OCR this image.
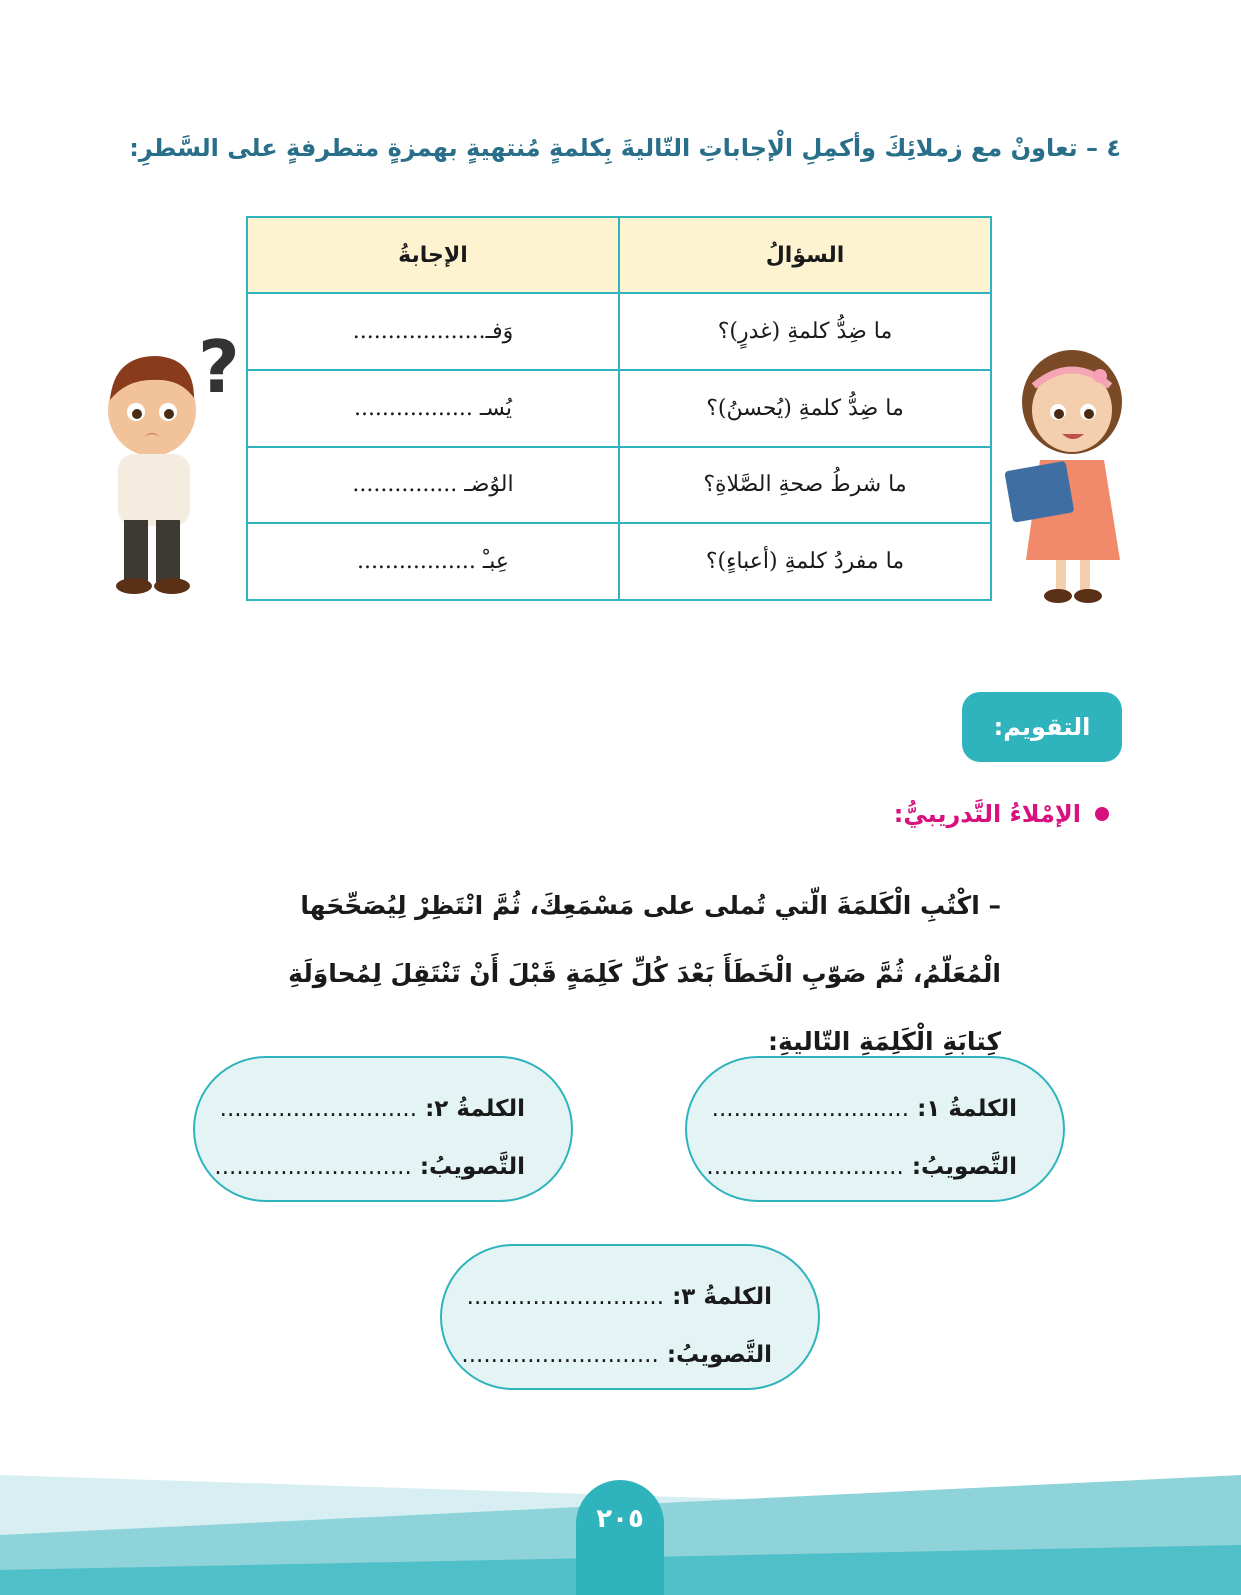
٤ – تعاونْ مع زملائِكَ وأكمِلِ الْإجاباتِ التّاليةَ بِكلمةٍ مُنتهيةٍ بهمزةٍ متطرفةٍ على السَّطرِ:
?
السؤالُ	الإجابةُ
ما ضِدُّ كلمةِ (غدرٍ)؟	وَفـ...................
ما ضِدُّ كلمةِ (يُحسنُ)؟	يُسـ .................
ما شرطُ صحةِ الصَّلاةِ؟	الوُضـ ...............
ما مفردُ كلمةِ (أعباءٍ)؟	عِبـْ .................
التقويم:
الإمْلاءُ التَّدريبيُّ:
– اكْتُبِ الْكَلمَةَ الّتي تُملى على مَسْمَعِكَ، ثُمَّ انْتَظِرْ لِيُصَحِّحَها الْمُعَلّمُ، ثُمَّ صَوّبِ الْخَطَأَ بَعْدَ كُلِّ كَلِمَةٍ قَبْلَ أَنْ تَنْتَقِلَ لِمُحاوَلَةِ كِتابَةِ الْكَلِمَةِ التّاليةِ:
الكلمةُ ١: ...........................
التَّصويبُ: ...........................
الكلمةُ ٢: ...........................
التَّصويبُ: ...........................
الكلمةُ ٣: ...........................
التَّصويبُ: ...........................
٢٠٥
